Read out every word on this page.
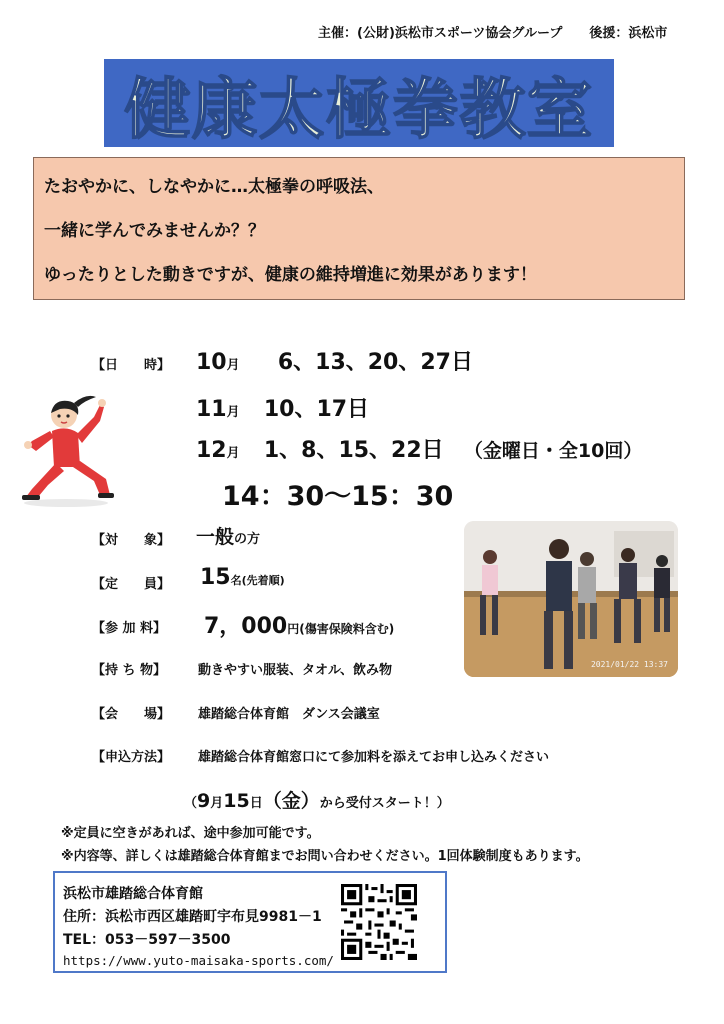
主催：(公財)浜松市スポーツ協会グループ 後援：浜松市
健康太極拳教室
たおやかに、しなやかに…太極拳の呼吸法、
一緒に学んでみませんか？？
ゆったりとした動きですが、健康の維持増進に効果があります！
【日　　時】 10月 6、13、20、27日
11月 10、17日
12月 1、8、15、22日 （金曜日・全10回）
14：30～15：30
【対　　象】 一般の方
【定　　員】 15名(先着順)
【参 加 料】 7，000円(傷害保険料含む)
【持 ち 物】 動きやすい服装、タオル、飲み物
【会　　場】 雄踏総合体育館　ダンス会議室
【申込方法】 雄踏総合体育館窓口にて参加料を添えてお申し込みください
2021/01/22 13:37
（9月15日（金）から受付スタート！）
※定員に空きがあれば、途中参加可能です。
※内容等、詳しくは雄踏総合体育館までお問い合わせください。1回体験制度もあります。
浜松市雄踏総合体育館
住所：浜松市西区雄踏町宇布見9981－1
TEL：053－597－3500
https://www.yuto-maisaka-sports.com/
